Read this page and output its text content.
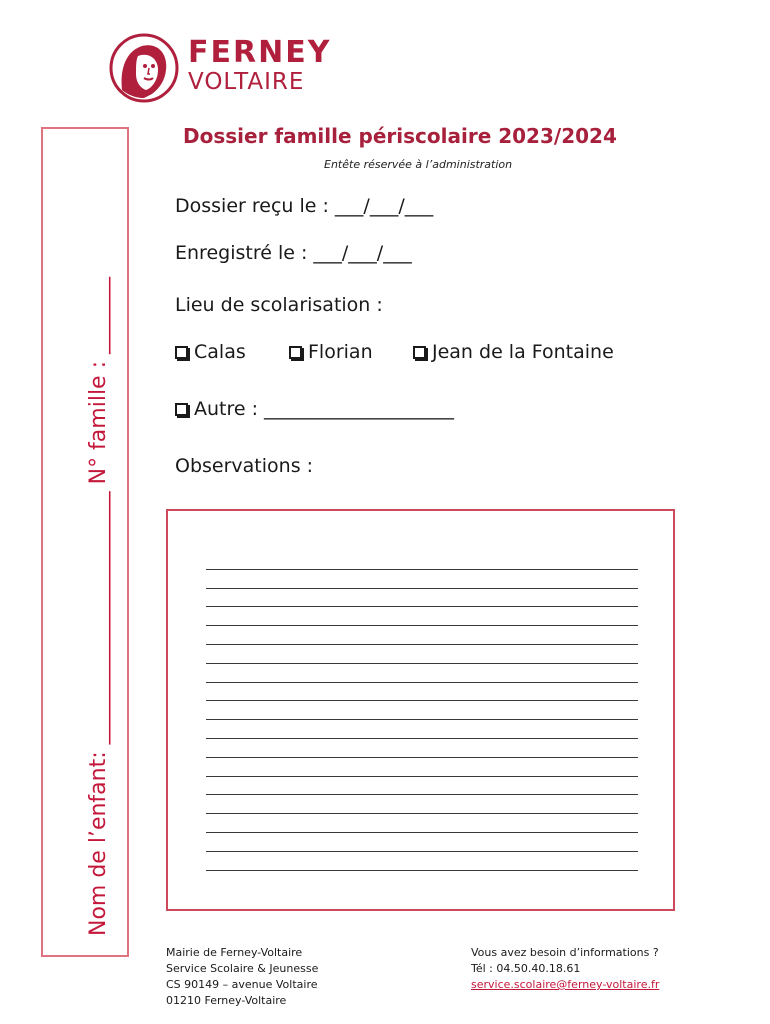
FERNEY
VOLTAIRE
Nom de l’enfant: _______________________ N° famille : _______
Dossier famille périscolaire 2023/2024
Entête réservée à l’administration
Dossier reçu le : ___/___/___
Enregistré le : ___/___/___
Lieu de scolarisation :
Calas	Florian	Jean de la Fontaine
Autre : ____________________
Observations :
Mairie de Ferney-Voltaire
Service Scolaire & Jeunesse
CS 90149 – avenue Voltaire
01210 Ferney-Voltaire
Vous avez besoin d’informations ?
Tél : 04.50.40.18.61
service.scolaire@ferney-voltaire.fr
